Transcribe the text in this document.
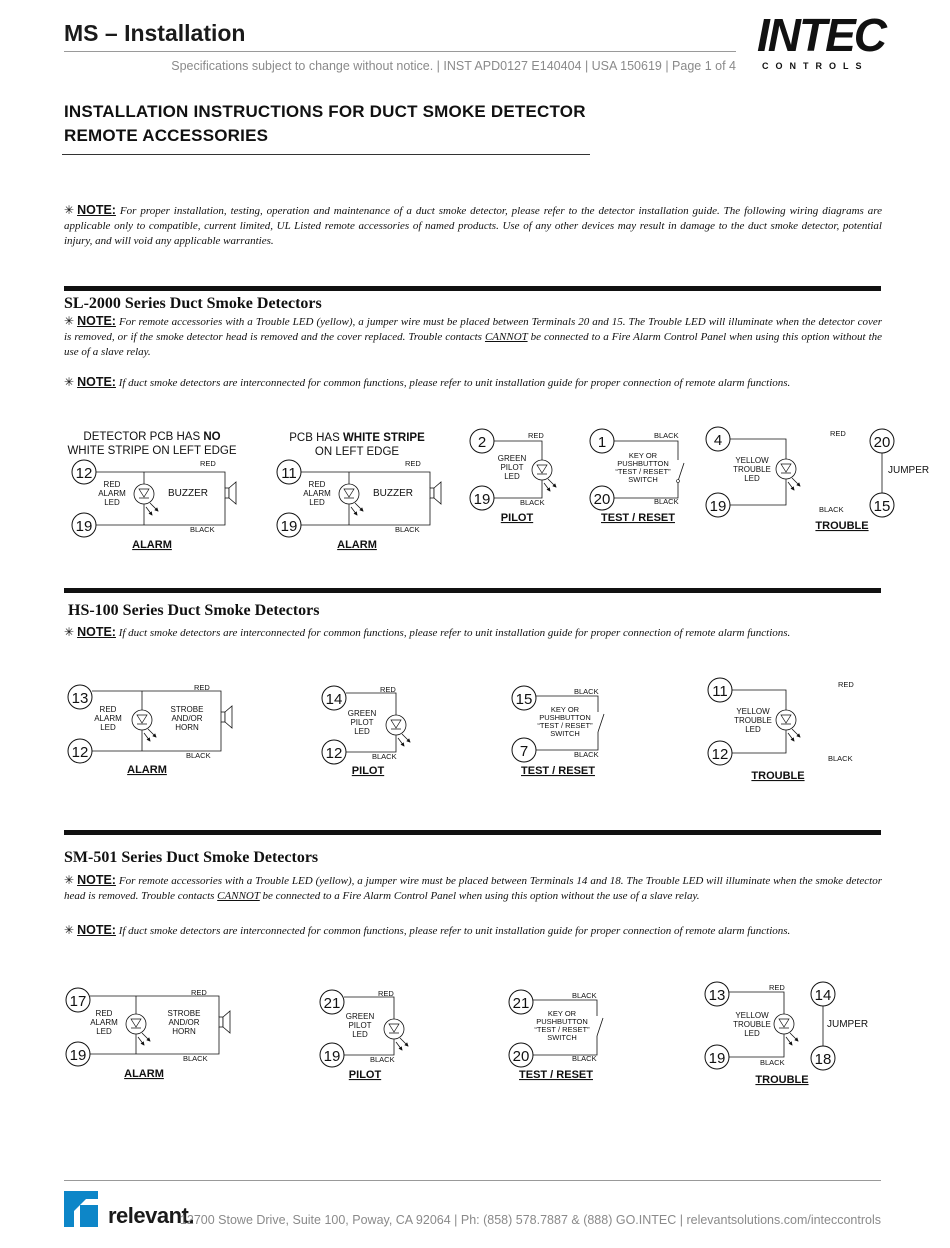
MS – Installation
Specifications subject to change without notice. | INST APD0127 E140404 | USA 150619 | Page 1 of 4
INTEC
CONTROLS
INSTALLATION INSTRUCTIONS FOR DUCT SMOKE DETECTOR
REMOTE ACCESSORIES
✳ NOTE: For proper installation, testing, operation and maintenance of a duct smoke detector, please refer to the detector installation guide. The following wiring diagrams are applicable only to compatible, current limited, UL Listed remote accessories of named products. Use of any other devices may result in damage to the duct smoke detector, potential injury, and will void any applicable warranties.
SL-2000 Series Duct Smoke Detectors
✳ NOTE: For remote accessories with a Trouble LED (yellow), a jumper wire must be placed between Terminals 20 and 15. The Trouble LED will illuminate when the detector cover is removed, or if the smoke detector head is removed and the cover replaced. Trouble contacts CANNOT be connected to a Fire Alarm Control Panel when using this option without the use of a slave relay.
✳ NOTE: If duct smoke detectors are interconnected for common functions, please refer to unit installation guide for proper connection of remote alarm functions.
DETECTOR PCB HAS NO
WHITE STRIPE ON LEFT EDGE
12
19
RED
ALARM
LED
BUZZER
RED
BLACK
ALARM
PCB HAS WHITE STRIPE
ON LEFT EDGE
11
19
RED
ALARM
LED
BUZZER
RED
BLACK
ALARM
2
19
GREEN
PILOT
LED
RED
BLACK
PILOT
1
20
KEY OR
PUSHBUTTON
“TEST / RESET”
SWITCH
BLACK
BLACK
TEST / RESET
4
19
YELLOW
TROUBLE
LED
RED
BLACK
TROUBLE
20
15
JUMPER
HS-100 Series Duct Smoke Detectors
✳ NOTE: If duct smoke detectors are interconnected for common functions, please refer to unit installation guide for proper connection of remote alarm functions.
13
12
RED
ALARM
LED
STROBE
AND/OR
HORN
RED
BLACK
ALARM
14
12
GREEN
PILOT
LED
RED
BLACK
PILOT
15
7
KEY OR
PUSHBUTTON
“TEST / RESET”
SWITCH
BLACK
BLACK
TEST / RESET
11
12
YELLOW
TROUBLE
LED
RED
BLACK
TROUBLE
SM-501 Series Duct Smoke Detectors
✳ NOTE: For remote accessories with a Trouble LED (yellow), a jumper wire must be placed between Terminals 14 and 18. The Trouble LED will illuminate when the smoke detector head is removed. Trouble contacts CANNOT be connected to a Fire Alarm Control Panel when using this option without the use of a slave relay.
✳ NOTE: If duct smoke detectors are interconnected for common functions, please refer to unit installation guide for proper connection of remote alarm functions.
17
19
RED
ALARM
LED
STROBE
AND/OR
HORN
RED
BLACK
ALARM
21
19
GREEN
PILOT
LED
RED
BLACK
PILOT
21
20
KEY OR
PUSHBUTTON
“TEST / RESET”
SWITCH
BLACK
BLACK
TEST / RESET
13
19
YELLOW
TROUBLE
LED
RED
BLACK
TROUBLE
14
18
JUMPER
relevant.
12700 Stowe Drive, Suite 100, Poway, CA 92064 | Ph: (858) 578.7887 & (888) GO.INTEC | relevantsolutions.com/inteccontrols
